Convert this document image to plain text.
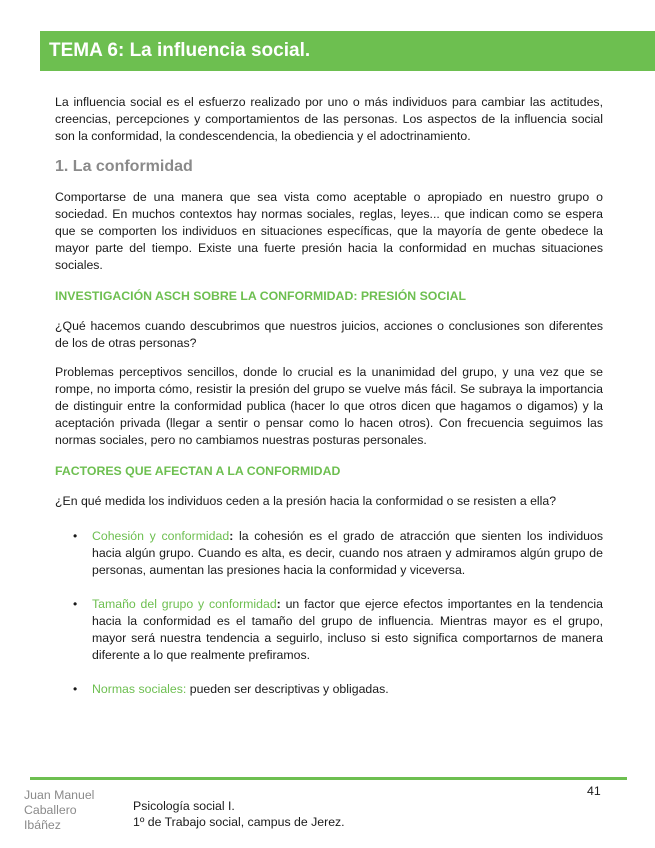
TEMA 6: La influencia social.

La influencia social es el esfuerzo realizado por uno o más individuos para cambiar las actitudes, creencias, percepciones y comportamientos de las personas. Los aspectos de la influencia social son la conformidad, la condescendencia, la obediencia y el adoctrinamiento.

1. La conformidad

Comportarse de una manera que sea vista como aceptable o apropiado en nuestro grupo o sociedad. En muchos contextos hay normas sociales, reglas, leyes... que indican como se espera que se comporten los individuos en situaciones específicas, que la mayoría de gente obedece la mayor parte del tiempo. Existe una fuerte presión hacia la conformidad en muchas situaciones sociales.

INVESTIGACIÓN ASCH SOBRE LA CONFORMIDAD: PRESIÓN SOCIAL

¿Qué hacemos cuando descubrimos que nuestros juicios, acciones o conclusiones son diferentes de los de otras personas?

Problemas perceptivos sencillos, donde lo crucial es la unanimidad del grupo, y una vez que se rompe, no importa cómo, resistir la presión del grupo se vuelve más fácil. Se subraya la importancia de distinguir entre la conformidad publica (hacer lo que otros dicen que hagamos o digamos) y la aceptación privada (llegar a sentir o pensar como lo hacen otros). Con frecuencia seguimos las normas sociales, pero no cambiamos nuestras posturas personales.

FACTORES QUE AFECTAN A LA CONFORMIDAD

¿En qué medida los individuos ceden a la presión hacia la conformidad o se resisten a ella?

• Cohesión y conformidad: la cohesión es el grado de atracción que sienten los individuos hacia algún grupo. Cuando es alta, es decir, cuando nos atraen y admiramos algún grupo de personas, aumentan las presiones hacia la conformidad y viceversa.
• Tamaño del grupo y conformidad: un factor que ejerce efectos importantes en la tendencia hacia la conformidad es el tamaño del grupo de influencia. Mientras mayor es el grupo, mayor será nuestra tendencia a seguirlo, incluso si esto significa comportarnos de manera diferente a lo que realmente prefiramos.
• Normas sociales: pueden ser descriptivas y obligadas.
41
Juan Manuel
Caballero
Ibáñez
Psicología social I.
1º de Trabajo social, campus de Jerez.
